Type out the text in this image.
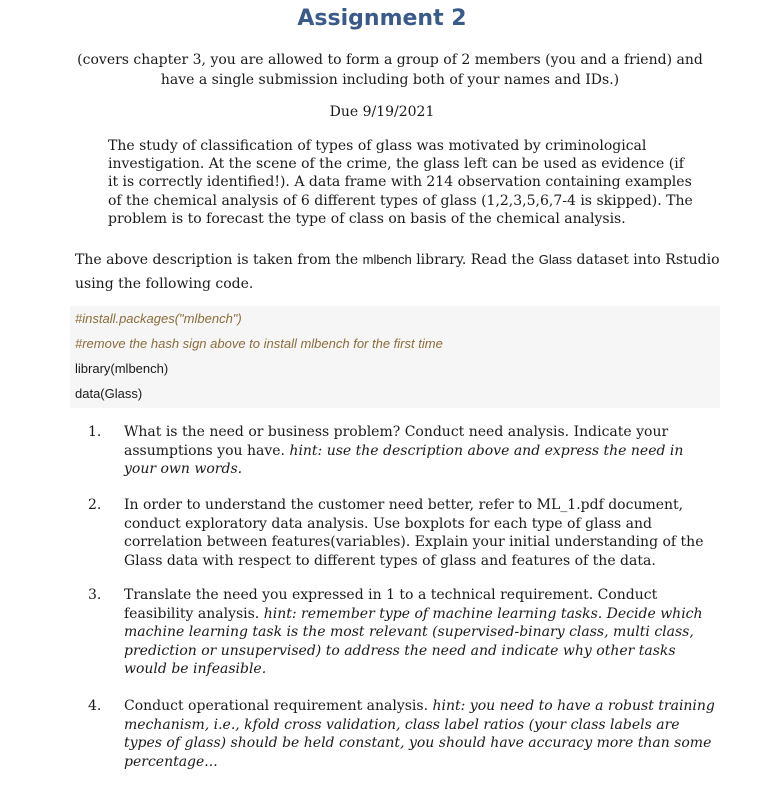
Assignment 2
(covers chapter 3, you are allowed to form a group of 2 members (you and a friend) and have a single submission including both of your names and IDs.)
Due 9/19/2021
The study of classification of types of glass was motivated by criminological investigation. At the scene of the crime, the glass left can be used as evidence (if it is correctly identified!). A data frame with 214 observation containing examples of the chemical analysis of 6 different types of glass (1,2,3,5,6,7-4 is skipped). The problem is to forecast the type of class on basis of the chemical analysis.
The above description is taken from the mlbench library. Read the Glass dataset into Rstudio using the following code.
#install.packages("mlbench")
#remove the hash sign above to install mlbench for the first time
library(mlbench)
data(Glass)
1.	What is the need or business problem? Conduct need analysis. Indicate your assumptions you have. hint: use the description above and express the need in your own words.
2.	In order to understand the customer need better, refer to ML_1.pdf document, conduct exploratory data analysis. Use boxplots for each type of glass and correlation between features(variables). Explain your initial understanding of the Glass data with respect to different types of glass and features of the data.
3.	Translate the need you expressed in 1 to a technical requirement. Conduct feasibility analysis. hint: remember type of machine learning tasks. Decide which machine learning task is the most relevant (supervised-binary class, multi class, prediction or unsupervised) to address the need and indicate why other tasks would be infeasible.
4.	Conduct operational requirement analysis. hint: you need to have a robust training mechanism, i.e., kfold cross validation, class label ratios (your class labels are types of glass) should be held constant, you should have accuracy more than some percentage...
